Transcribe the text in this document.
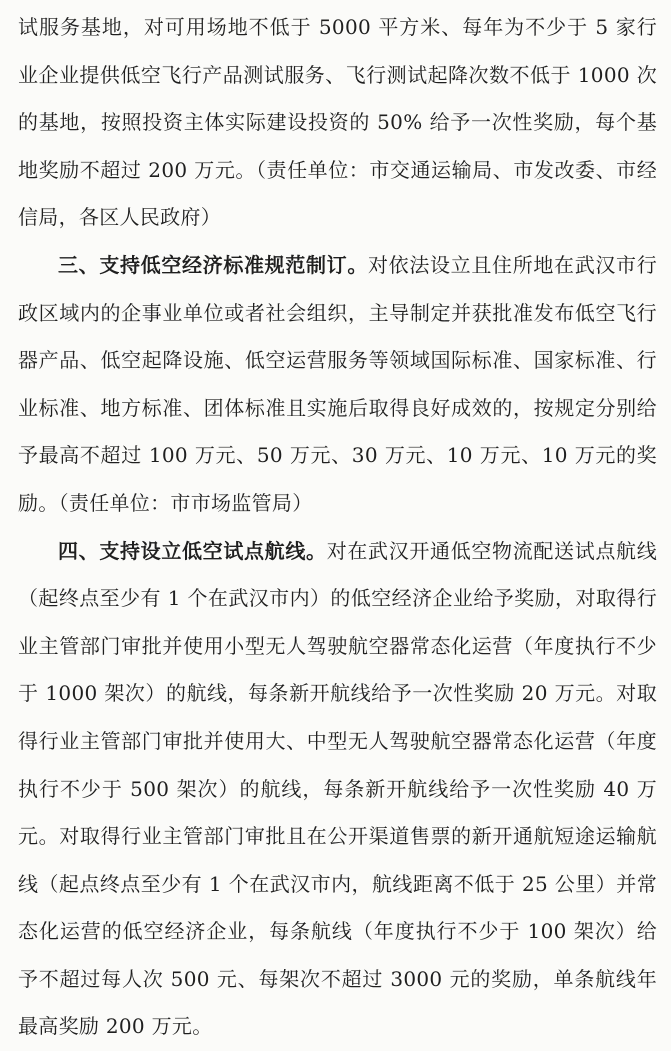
试服务基地，对可用场地不低于 5000 平方米、每年为不少于 5 家行业企业提供低空飞行产品测试服务、飞行测试起降次数不低于 1000 次的基地，按照投资主体实际建设投资的 50% 给予一次性奖励，每个基地奖励不超过 200 万元。（责任单位：市交通运输局、市发改委、市经信局，各区人民政府）

三、支持低空经济标准规范制订。对依法设立且住所地在武汉市行政区域内的企事业单位或者社会组织，主导制定并获批准发布低空飞行器产品、低空起降设施、低空运营服务等领域国际标准、国家标准、行业标准、地方标准、团体标准且实施后取得良好成效的，按规定分别给予最高不超过 100 万元、50 万元、30 万元、10 万元、10 万元的奖励。（责任单位：市市场监管局）

四、支持设立低空试点航线。对在武汉开通低空物流配送试点航线（起终点至少有 1 个在武汉市内）的低空经济企业给予奖励，对取得行业主管部门审批并使用小型无人驾驶航空器常态化运营（年度执行不少于 1000 架次）的航线，每条新开航线给予一次性奖励 20 万元。对取得行业主管部门审批并使用大、中型无人驾驶航空器常态化运营（年度执行不少于 500 架次）的航线，每条新开航线给予一次性奖励 40 万元。对取得行业主管部门审批且在公开渠道售票的新开通航短途运输航线（起点终点至少有 1 个在武汉市内，航线距离不低于 25 公里）并常态化运营的低空经济企业，每条航线（年度执行不少于 100 架次）给予不超过每人次 500 元、每架次不超过 3000 元的奖励，单条航线年最高奖励 200 万元。
